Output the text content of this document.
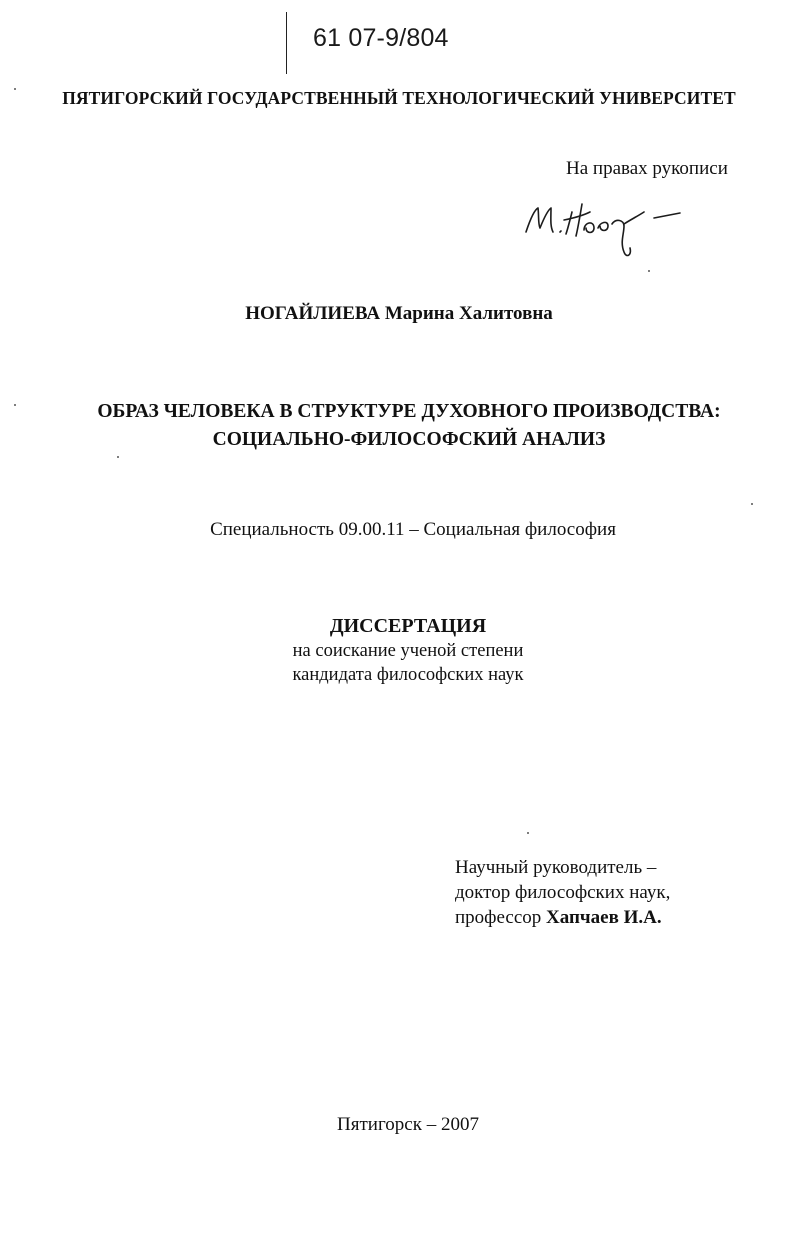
61 07-9/804
ПЯТИГОРСКИЙ ГОСУДАРСТВЕННЫЙ ТЕХНОЛОГИЧЕСКИЙ УНИВЕРСИТЕТ
На правах рукописи
НОГАЙЛИЕВА Марина Халитовна
ОБРАЗ ЧЕЛОВЕКА В СТРУКТУРЕ ДУХОВНОГО ПРОИЗВОДСТВА:
СОЦИАЛЬНО-ФИЛОСОФСКИЙ АНАЛИЗ
Специальность 09.00.11 – Социальная философия
ДИССЕРТАЦИЯ
на соискание ученой степени
кандидата философских наук
Научный руководитель –
доктор философских наук,
профессор Хапчаев И.А.
Пятигорск – 2007
